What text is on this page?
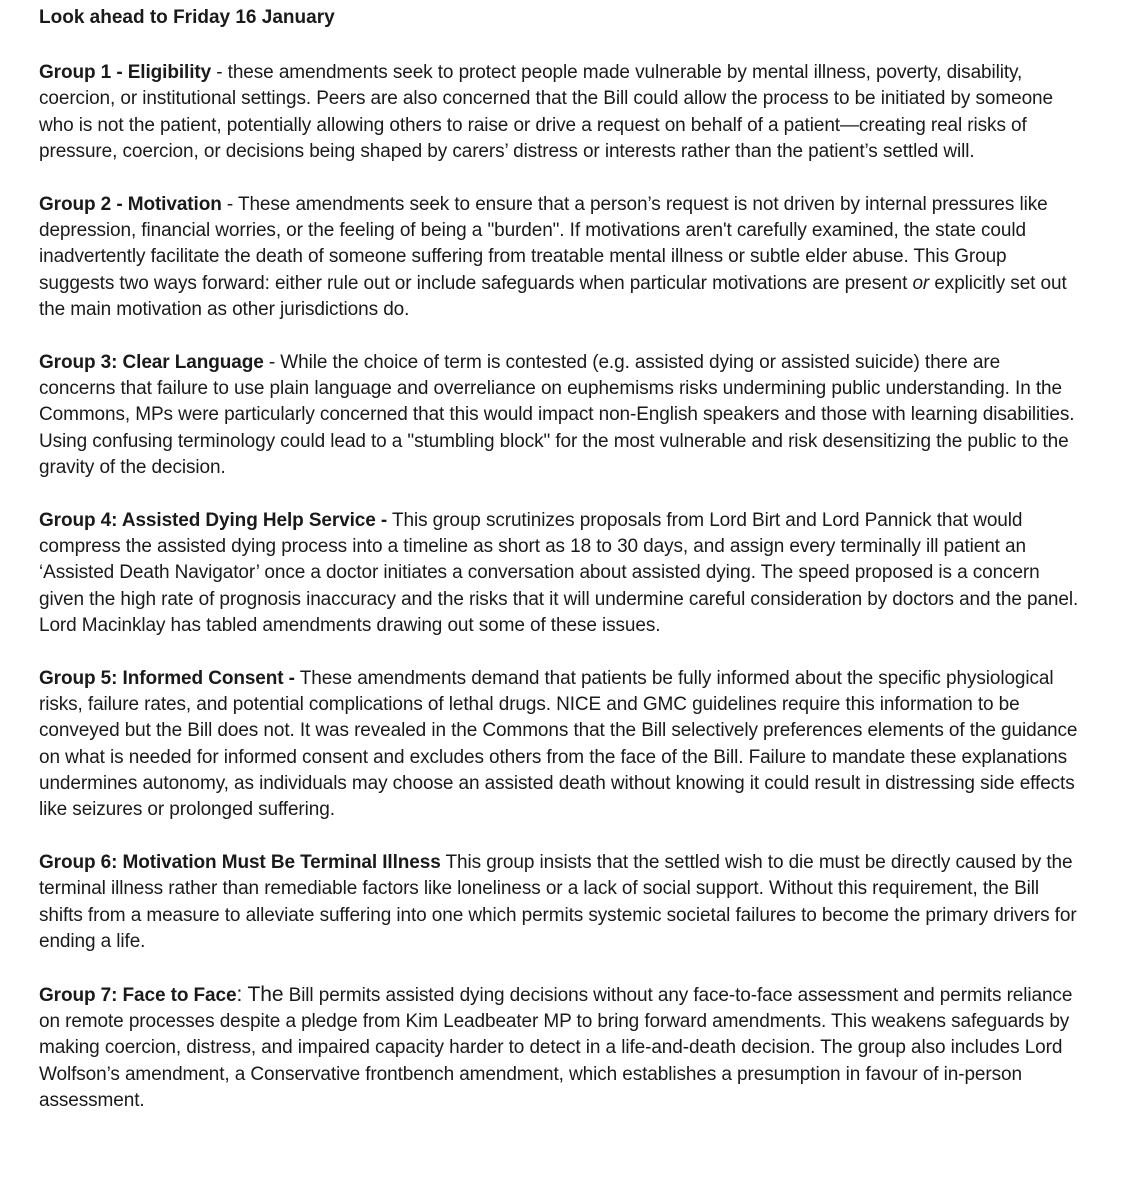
Look ahead to Friday 16 January

Group 1 - Eligibility - these amendments seek to protect people made vulnerable by mental illness, poverty, disability, coercion, or institutional settings. Peers are also concerned that the Bill could allow the process to be initiated by someone who is not the patient, potentially allowing others to raise or drive a request on behalf of a patient—creating real risks of pressure, coercion, or decisions being shaped by carers’ distress or interests rather than the patient’s settled will.

Group 2 - Motivation - These amendments seek to ensure that a person’s request is not driven by internal pressures like depression, financial worries, or the feeling of being a "burden". If motivations aren't carefully examined, the state could inadvertently facilitate the death of someone suffering from treatable mental illness or subtle elder abuse. This Group suggests two ways forward: either rule out or include safeguards when particular motivations are present or explicitly set out the main motivation as other jurisdictions do.

Group 3: Clear Language - While the choice of term is contested (e.g. assisted dying or assisted suicide) there are concerns that failure to use plain language and overreliance on euphemisms risks undermining public understanding. In the Commons, MPs were particularly concerned that this would impact non-English speakers and those with learning disabilities. Using confusing terminology could lead to a "stumbling block" for the most vulnerable and risk desensitizing the public to the gravity of the decision.

Group 4: Assisted Dying Help Service - This group scrutinizes proposals from Lord Birt and Lord Pannick that would compress the assisted dying process into a timeline as short as 18 to 30 days, and assign every terminally ill patient an ‘Assisted Death Navigator’ once a doctor initiates a conversation about assisted dying. The speed proposed is a concern given the high rate of prognosis inaccuracy and the risks that it will undermine careful consideration by doctors and the panel. Lord Macinklay has tabled amendments drawing out some of these issues.

Group 5: Informed Consent - These amendments demand that patients be fully informed about the specific physiological risks, failure rates, and potential complications of lethal drugs. NICE and GMC guidelines require this information to be conveyed but the Bill does not. It was revealed in the Commons that the Bill selectively preferences elements of the guidance on what is needed for informed consent and excludes others from the face of the Bill. Failure to mandate these explanations undermines autonomy, as individuals may choose an assisted death without knowing it could result in distressing side effects like seizures or prolonged suffering.

Group 6: Motivation Must Be Terminal Illness This group insists that the settled wish to die must be directly caused by the terminal illness rather than remediable factors like loneliness or a lack of social support. Without this requirement, the Bill shifts from a measure to alleviate suffering into one which permits systemic societal failures to become the primary drivers for ending a life.

Group 7: Face to Face: The Bill permits assisted dying decisions without any face-to-face assessment and permits reliance on remote processes despite a pledge from Kim Leadbeater MP to bring forward amendments. This weakens safeguards by making coercion, distress, and impaired capacity harder to detect in a life-and-death decision. The group also includes Lord Wolfson’s amendment, a Conservative frontbench amendment, which establishes a presumption in favour of in-person assessment.
